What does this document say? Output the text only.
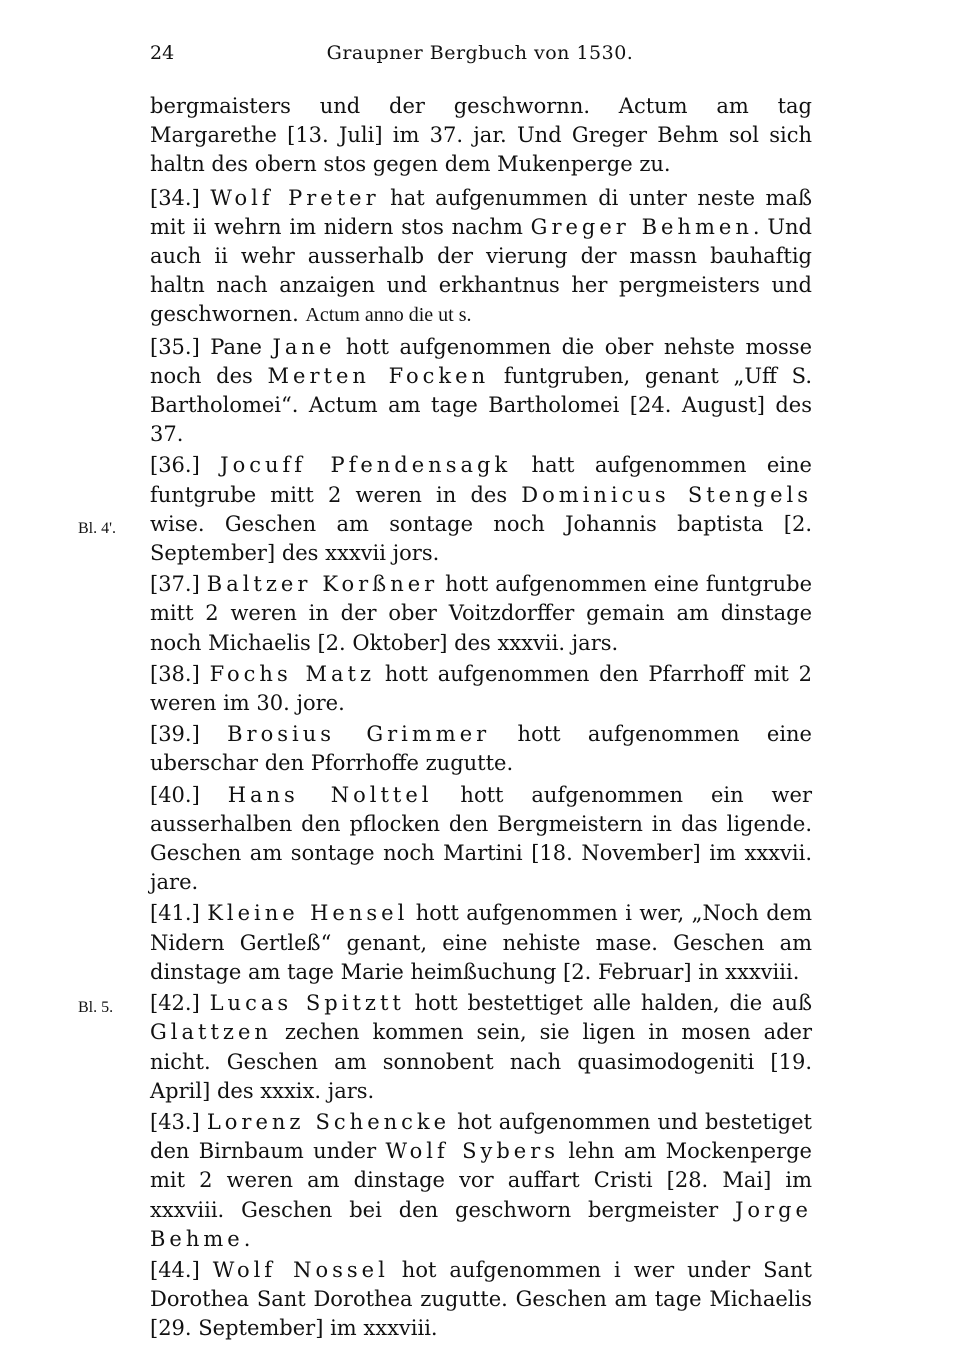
24	Graupner Bergbuch von 1530.
Bl. 4'.
Bl. 5.

bergmaisters und der geschwornn. Actum am tag Margarethe [13. Juli] im 37. jar. Und Greger Behm sol sich haltn des obern stos gegen dem Mukenperge zu.

[34.] Wolf Preter hat aufgenummen di unter neste maß mit ii wehrn im nidern stos nachm Greger Behmen. Und auch ii wehr ausserhalb der vierung der massn bauhaftig haltn nach anzaigen und erkhantnus her pergmeisters und geschwornen. Actum anno die ut s.

[35.] Pane Jane hott aufgenommen die ober nehste mosse noch des Merten Focken funtgruben, genant „Uff S. Bartholomei“. Actum am tage Bartholomei [24. August] des 37.

[36.] Jocuff Pfendensagk hatt aufgenommen eine funtgrube mitt 2 weren in des Dominicus Stengels wise. Geschen am sontage noch Johannis baptista [2. September] des xxxvii jors.

[37.] Baltzer Korßner hott aufgenommen eine funtgrube mitt 2 weren in der ober Voitzdorffer gemain am dinstage noch Michaelis [2. Oktober] des xxxvii. jars.

[38.] Fochs Matz hott aufgenommen den Pfarrhoff mit 2 weren im 30. jore.

[39.] Brosius Grimmer hott aufgenommen eine uberschar den Pforrhoffe zugutte.

[40.] Hans Nolttel hott aufgenommen ein wer ausserhalben den pflocken den Bergmeistern in das ligende. Geschen am sontage noch Martini [18. November] im xxxvii. jare.

[41.] Kleine Hensel hott aufgenommen i wer, „Noch dem Nidern Gertleß“ genant, eine nehiste mase. Geschen am dinstage am tage Marie heimßuchung [2. Februar] in xxxviii.

[42.] Lucas Spitztt hott bestettiget alle halden, die auß Glattzen zechen kommen sein, sie ligen in mosen ader nicht. Geschen am sonnobent nach quasimodogeniti [19. April] des xxxix. jars.

[43.] Lorenz Schencke hot aufgenommen und bestetiget den Birnbaum under Wolf Sybers lehn am Mockenperge mit 2 weren am dinstage vor auffart Cristi [28. Mai] im xxxviii. Geschen bei den geschworn bergmeister Jorge Behme.

[44.] Wolf Nossel hot aufgenommen i wer under Sant Dorothea Sant Dorothea zugutte. Geschen am tage Michaelis [29. September] im xxxviii.
